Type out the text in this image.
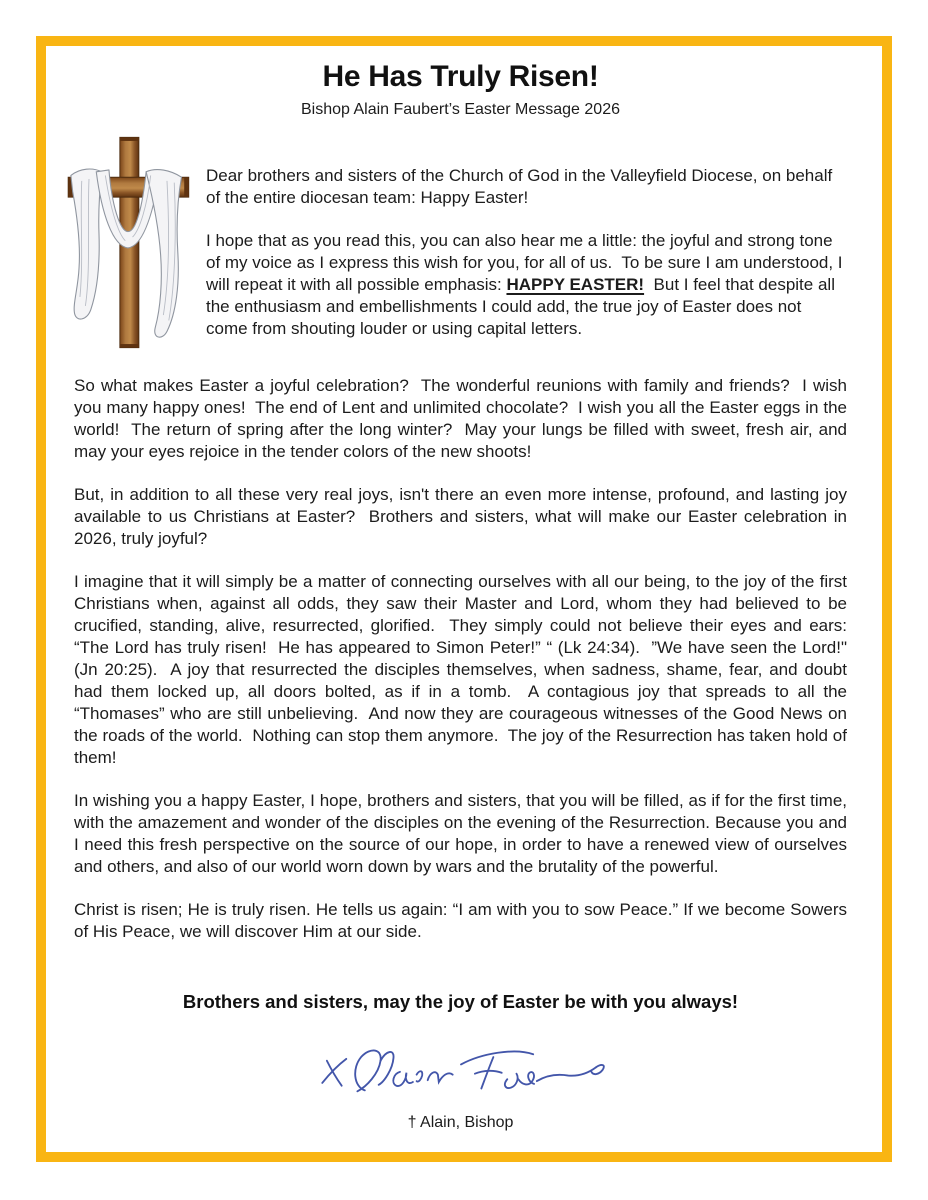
He Has Truly Risen!
Bishop Alain Faubert’s Easter Message 2026

Dear brothers and sisters of the Church of God in the Valleyfield Diocese, on behalf of the entire diocesan team: Happy Easter!

I hope that as you read this, you can also hear me a little: the joyful and strong tone of my voice as I express this wish for you, for all of us.  To be sure I am understood, I will repeat it with all possible emphasis: HAPPY EASTER!  But I feel that despite all the enthusiasm and embellishments I could add, the true joy of Easter does not come from shouting louder or using capital letters.

So what makes Easter a joyful celebration?  The wonderful reunions with family and friends?  I wish you many happy ones!  The end of Lent and unlimited chocolate?  I wish you all the Easter eggs in the world!  The return of spring after the long winter?  May your lungs be filled with sweet, fresh air, and may your eyes rejoice in the tender colors of the new shoots!

But, in addition to all these very real joys, isn't there an even more intense, profound, and lasting joy available to us Christians at Easter?  Brothers and sisters, what will make our Easter celebration in 2026, truly joyful?

I imagine that it will simply be a matter of connecting ourselves with all our being, to the joy of the first Christians when, against all odds, they saw their Master and Lord, whom they had believed to be crucified, standing, alive, resurrected, glorified.  They simply could not believe their eyes and ears: “The Lord has truly risen!  He has appeared to Simon Peter!” “ (Lk 24:34).  ”We have seen the Lord!" (Jn 20:25).  A joy that resurrected the disciples themselves, when sadness, shame, fear, and doubt had them locked up, all doors bolted, as if in a tomb.  A contagious joy that spreads to all the “Thomases” who are still unbelieving.  And now they are courageous witnesses of the Good News on the roads of the world.  Nothing can stop them anymore.  The joy of the Resurrection has taken hold of them!

In wishing you a happy Easter, I hope, brothers and sisters, that you will be filled, as if for the first time, with the amazement and wonder of the disciples on the evening of the Resurrection. Because you and I need this fresh perspective on the source of our hope, in order to have a renewed view of ourselves and others, and also of our world worn down by wars and the brutality of the powerful.

Christ is risen; He is truly risen. He tells us again: “I am with you to sow Peace.” If we become Sowers of His Peace, we will discover Him at our side.

Brothers and sisters, may the joy of Easter be with you always!
† Alain, Bishop
